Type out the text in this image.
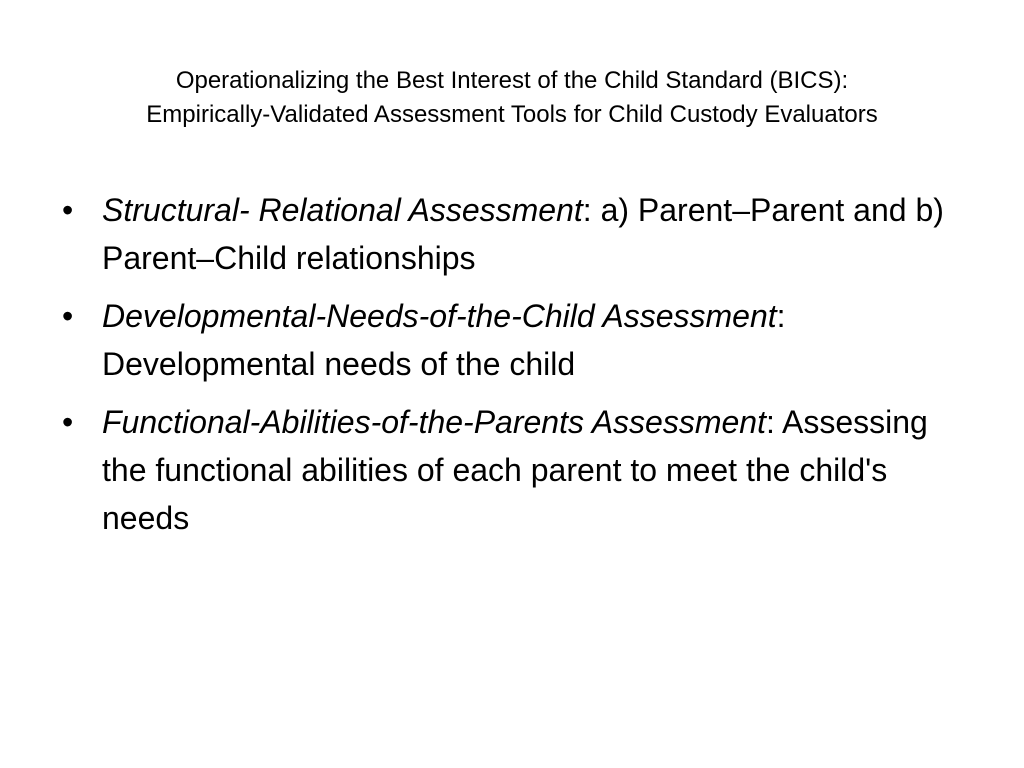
Operationalizing the Best Interest of the Child Standard (BICS):
Empirically-Validated Assessment Tools for Child Custody Evaluators
• Structural- Relational Assessment: a) Parent–Parent and b) Parent–Child relationships
• Developmental-Needs-of-the-Child Assessment: Developmental needs of the child
• Functional-Abilities-of-the-Parents Assessment: Assessing the functional abilities of each parent to meet the child's needs
